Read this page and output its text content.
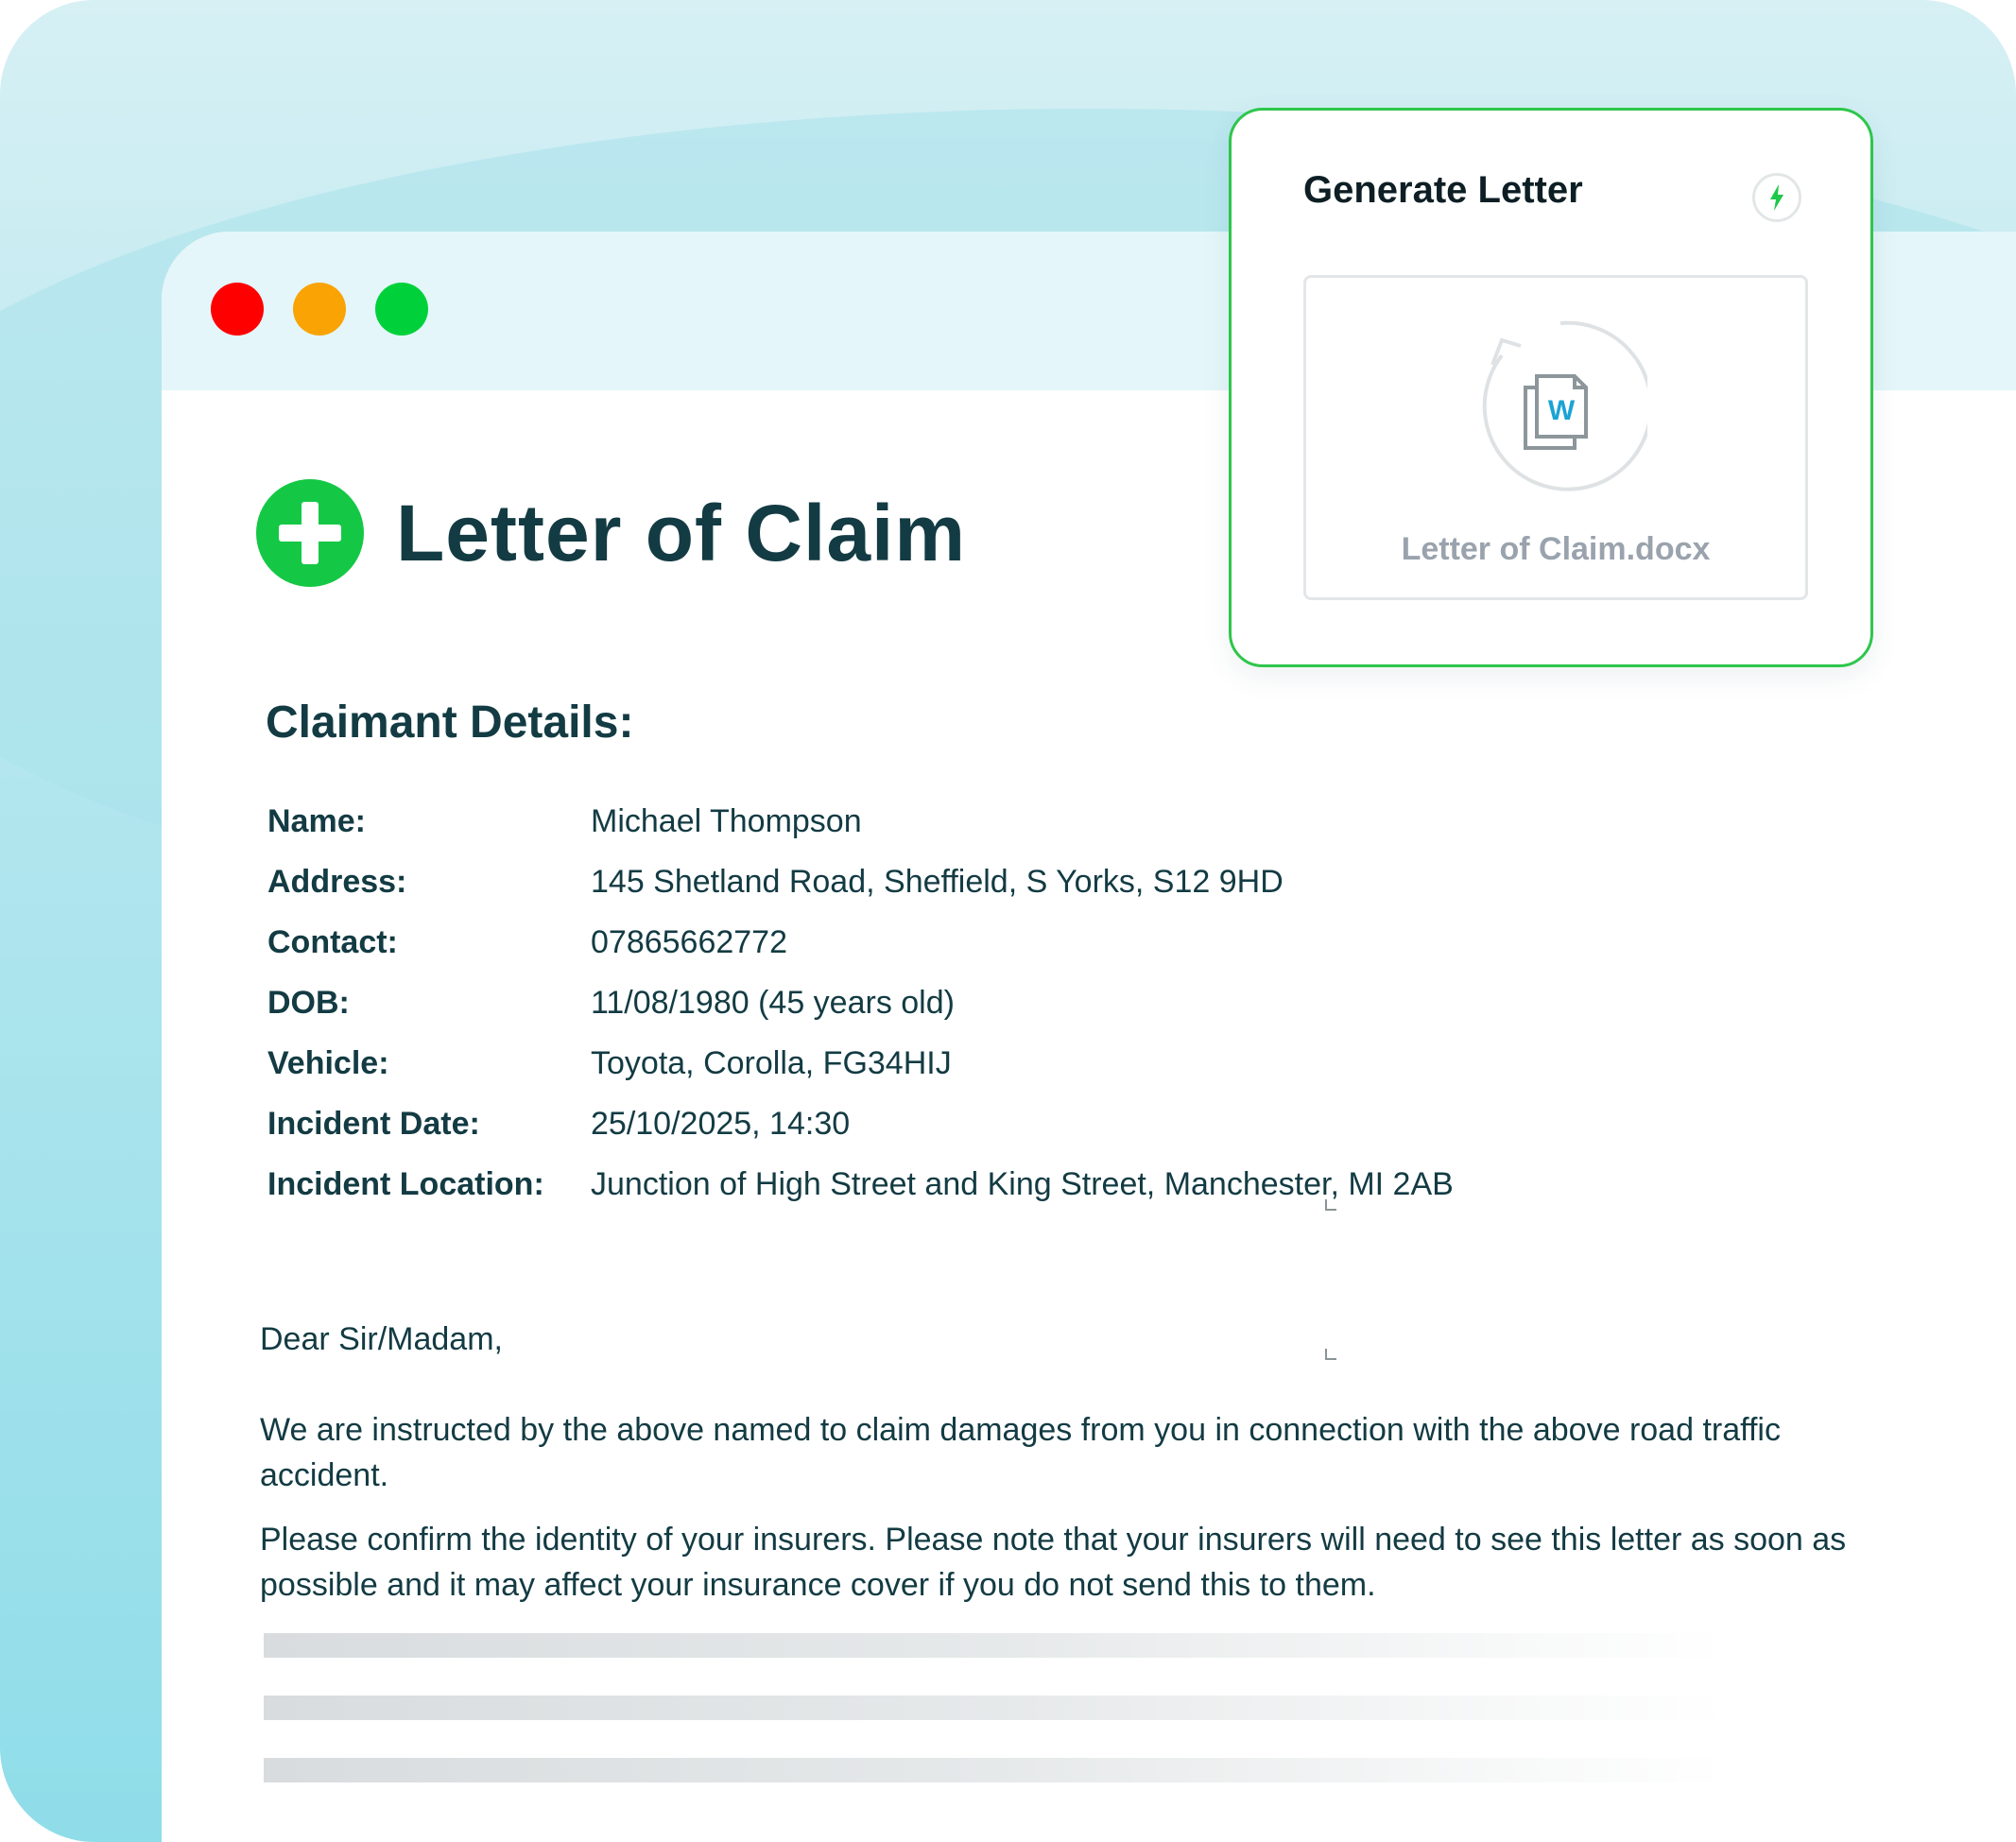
Letter of Claim
Claimant Details:
Name:	Michael Thompson
Address:	145 Shetland Road, Sheffield, S Yorks, S12 9HD
Contact:	07865662772
DOB:	11/08/1980 (45 years old)
Vehicle:	Toyota, Corolla, FG34HIJ
Incident Date:	25/10/2025, 14:30
Incident Location: Junction of High Street and King Street, Manchester, MI 2AB
Dear Sir/Madam,
We are instructed by the above named to claim damages from you in connection with the above road traffic accident.
Please confirm the identity of your insurers. Please note that your insurers will need to see this letter as soon as possible and it may affect your insurance cover if you do not send this to them.
Generate Letter
W
Letter of Claim.docx
